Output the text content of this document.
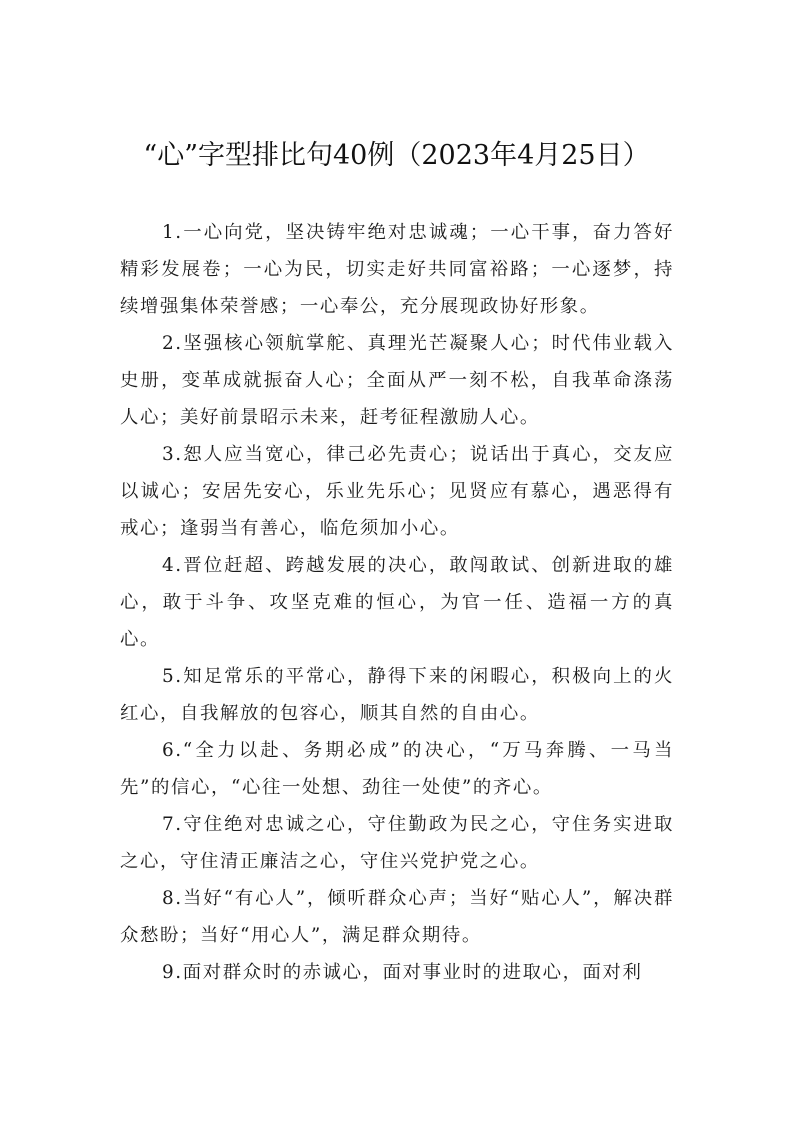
“心”字型排比句40例（2023年4月25日）

1.一心向党，坚决铸牢绝对忠诚魂；一心干事，奋力答好精彩发展卷；一心为民，切实走好共同富裕路；一心逐梦，持续增强集体荣誉感；一心奉公，充分展现政协好形象。

2.坚强核心领航掌舵、真理光芒凝聚人心；时代伟业载入史册，变革成就振奋人心；全面从严一刻不松，自我革命涤荡人心；美好前景昭示未来，赶考征程激励人心。

3.恕人应当宽心，律己必先责心；说话出于真心，交友应以诚心；安居先安心，乐业先乐心；见贤应有慕心，遇恶得有戒心；逢弱当有善心，临危须加小心。

4.晋位赶超、跨越发展的决心，敢闯敢试、创新进取的雄心，敢于斗争、攻坚克难的恒心，为官一任、造福一方的真心。

5.知足常乐的平常心，静得下来的闲暇心，积极向上的火红心，自我解放的包容心，顺其自然的自由心。

6.“全力以赴、务期必成”的决心，“万马奔腾、一马当先”的信心，“心往一处想、劲往一处使”的齐心。

7.守住绝对忠诚之心，守住勤政为民之心，守住务实进取之心，守住清正廉洁之心，守住兴党护党之心。

8.当好“有心人”，倾听群众心声；当好“贴心人”，解决群众愁盼；当好“用心人”，满足群众期待。

9.面对群众时的赤诚心，面对事业时的进取心，面对利
